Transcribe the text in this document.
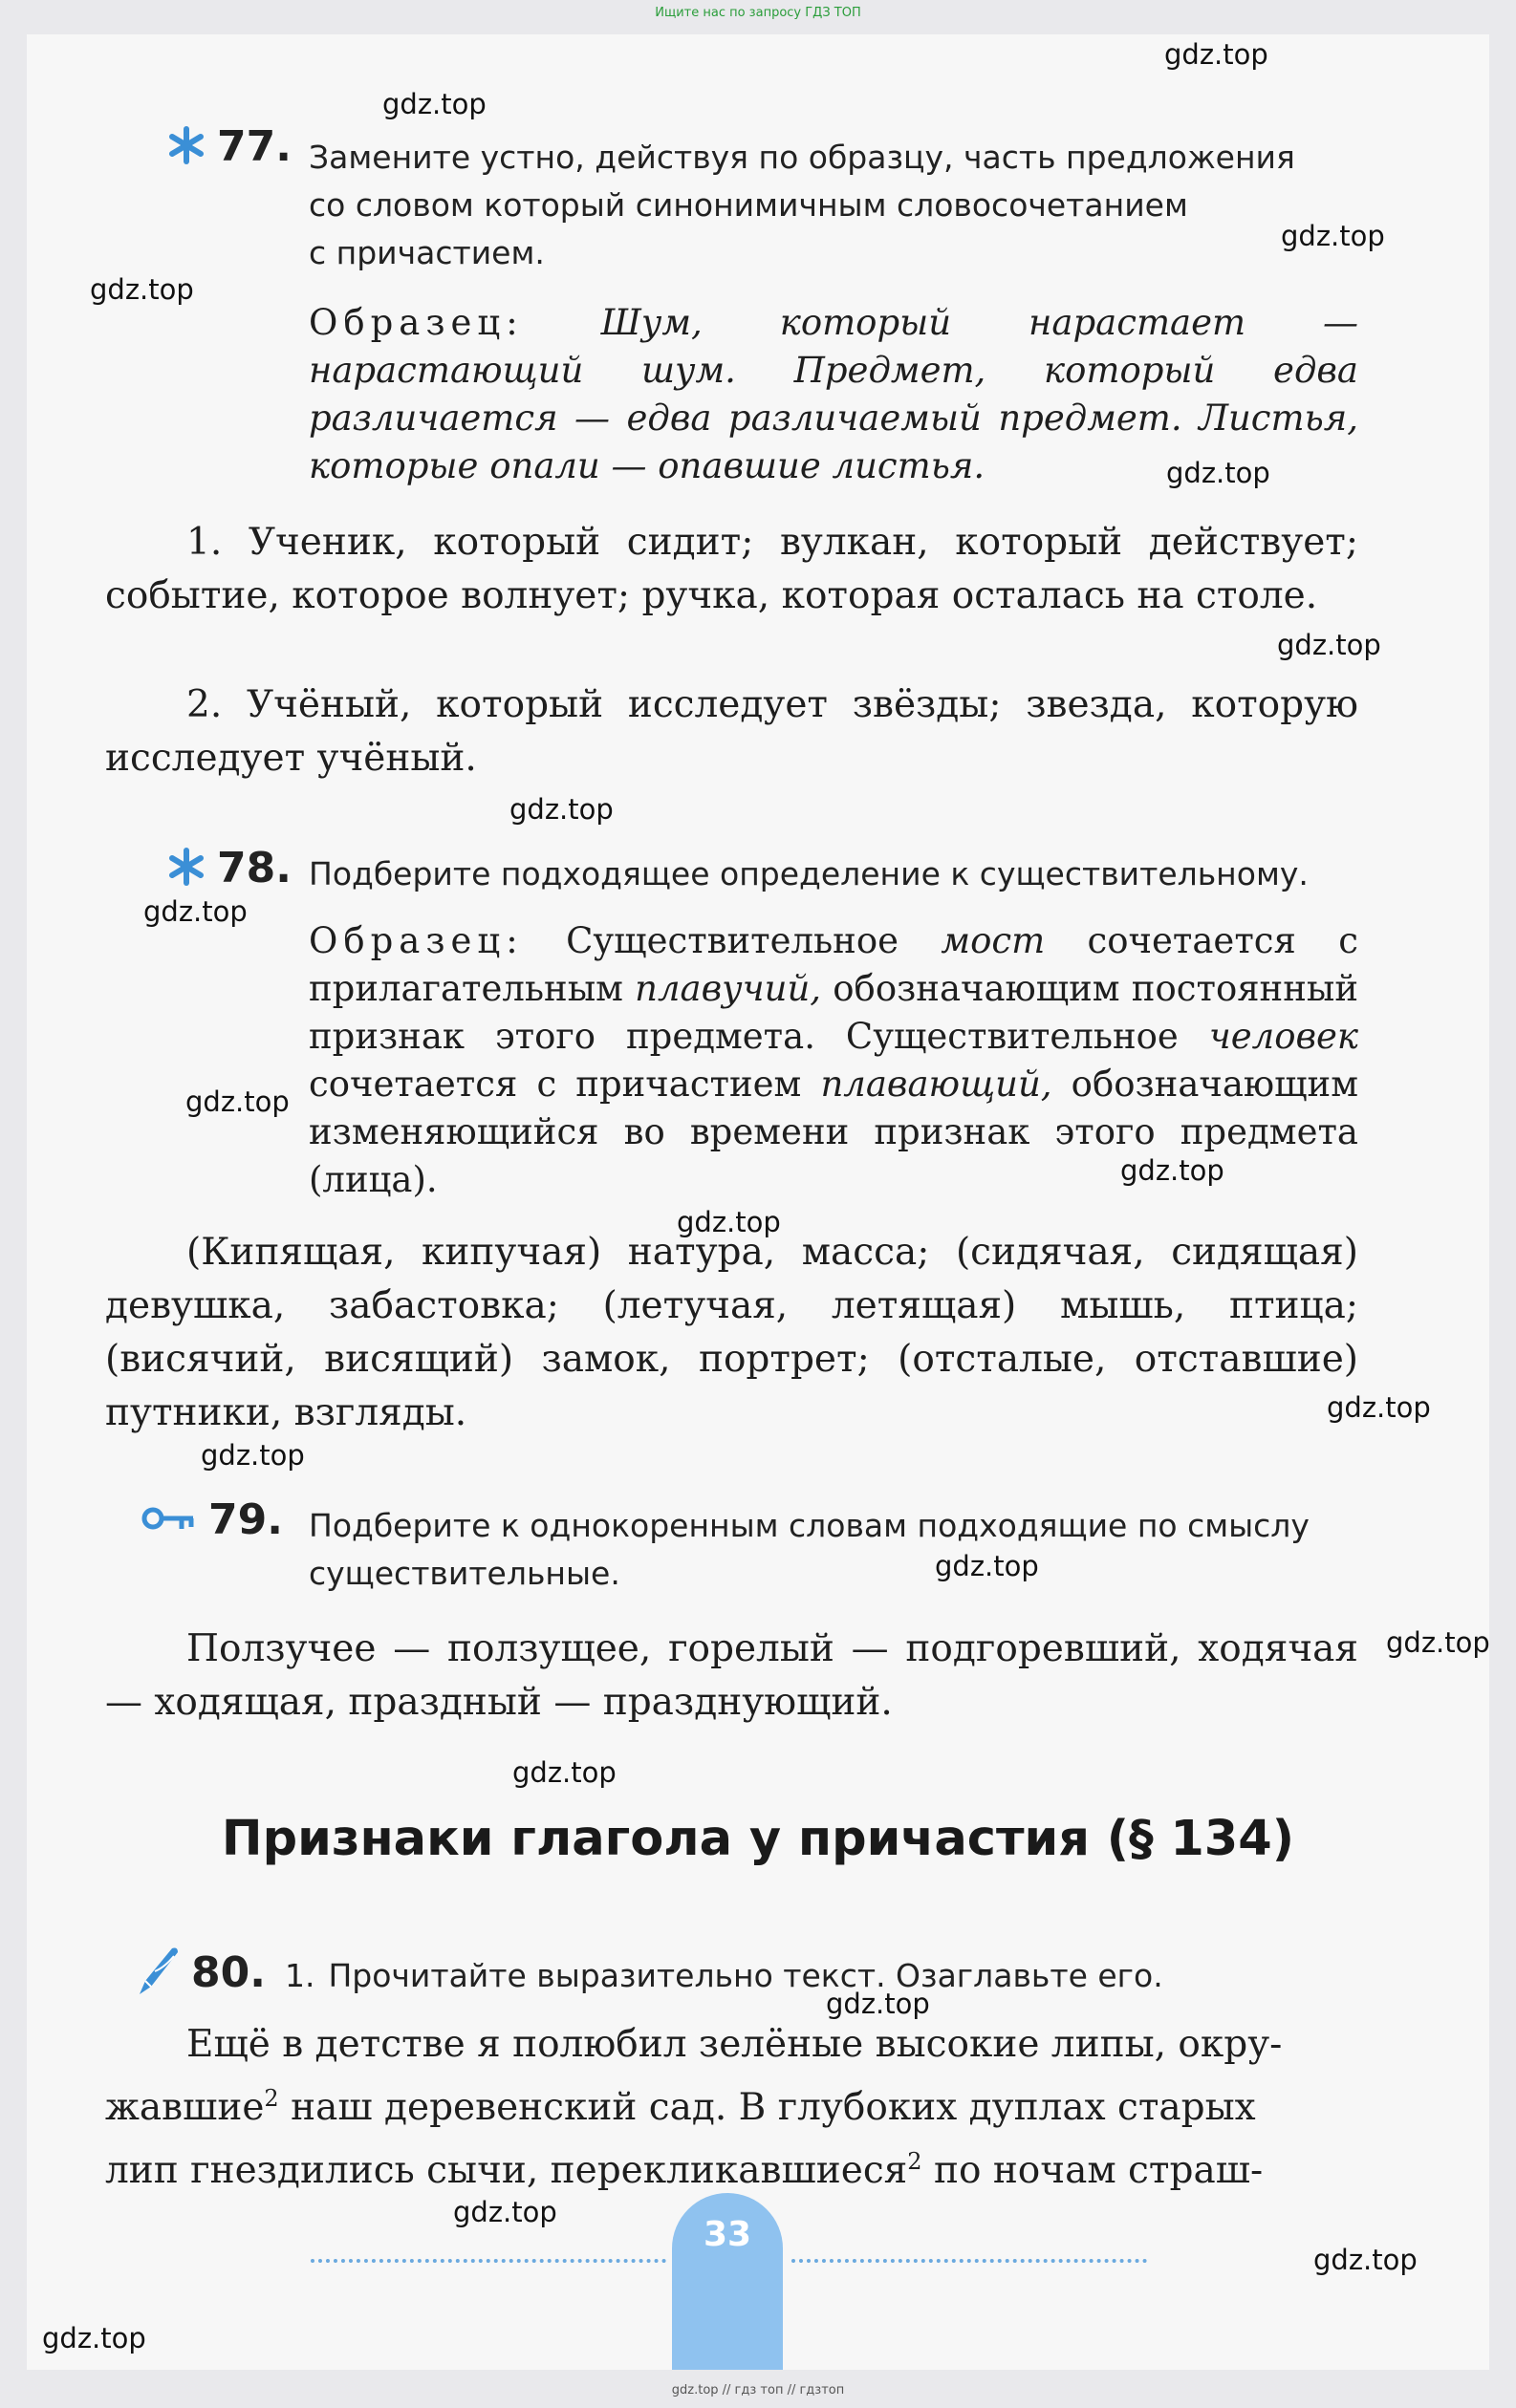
Ищите нас по запросу ГДЗ ТОП
77. Замените устно, действуя по образцу, часть предложения
со словом который синонимичным словосочетанием
с причастием.
Образец: Шум, который нарастает — нарастающий шум. Предмет, который едва различается — едва различаемый предмет. Листья, которые опали — опавшие листья.
1. Ученик, который сидит; вулкан, который действует; событие, которое волнует; ручка, которая осталась на столе.
2. Учёный, который исследует звёзды; звезда, которую исследует учёный.
78. Подберите подходящее определение к существительному.
Образец: Существительное мост сочетается с прилагательным плавучий, обозначающим постоянный признак этого предмета. Существительное человек сочетается с причастием плавающий, обозначающим изменяющийся во времени признак этого предмета (лица).
(Кипящая, кипучая) натура, масса; (сидячая, сидящая) девушка, забастовка; (летучая, летящая) мышь, птица; (висячий, висящий) замок, портрет; (отсталые, отставшие) путники, взгляды.
79. Подберите к однокоренным словам подходящие по смыслу
существительные.
Ползучее — ползущее, горелый — подгоревший, ходячая — ходящая, праздный — празднующий.
Признаки глагола у причастия (§ 134)
80. 1. Прочитайте выразительно текст. Озаглавьте его.
Ещё в детстве я полюбил зелёные высокие липы, окру-
жавшие$^2$ наш деревенский сад. В глубоких дуплах старых
лип гнездились сычи, перекликавшиеся$^2$ по ночам страш-
33
gdz.top
gdz.top
gdz.top
gdz.top
gdz.top
gdz.top
gdz.top
gdz.top
gdz.top
gdz.top
gdz.top
gdz.top
gdz.top
gdz.top
gdz.top
gdz.top
gdz.top
gdz.top
gdz.top
gdz.top
gdz.top // гдз топ // гдзтоп
